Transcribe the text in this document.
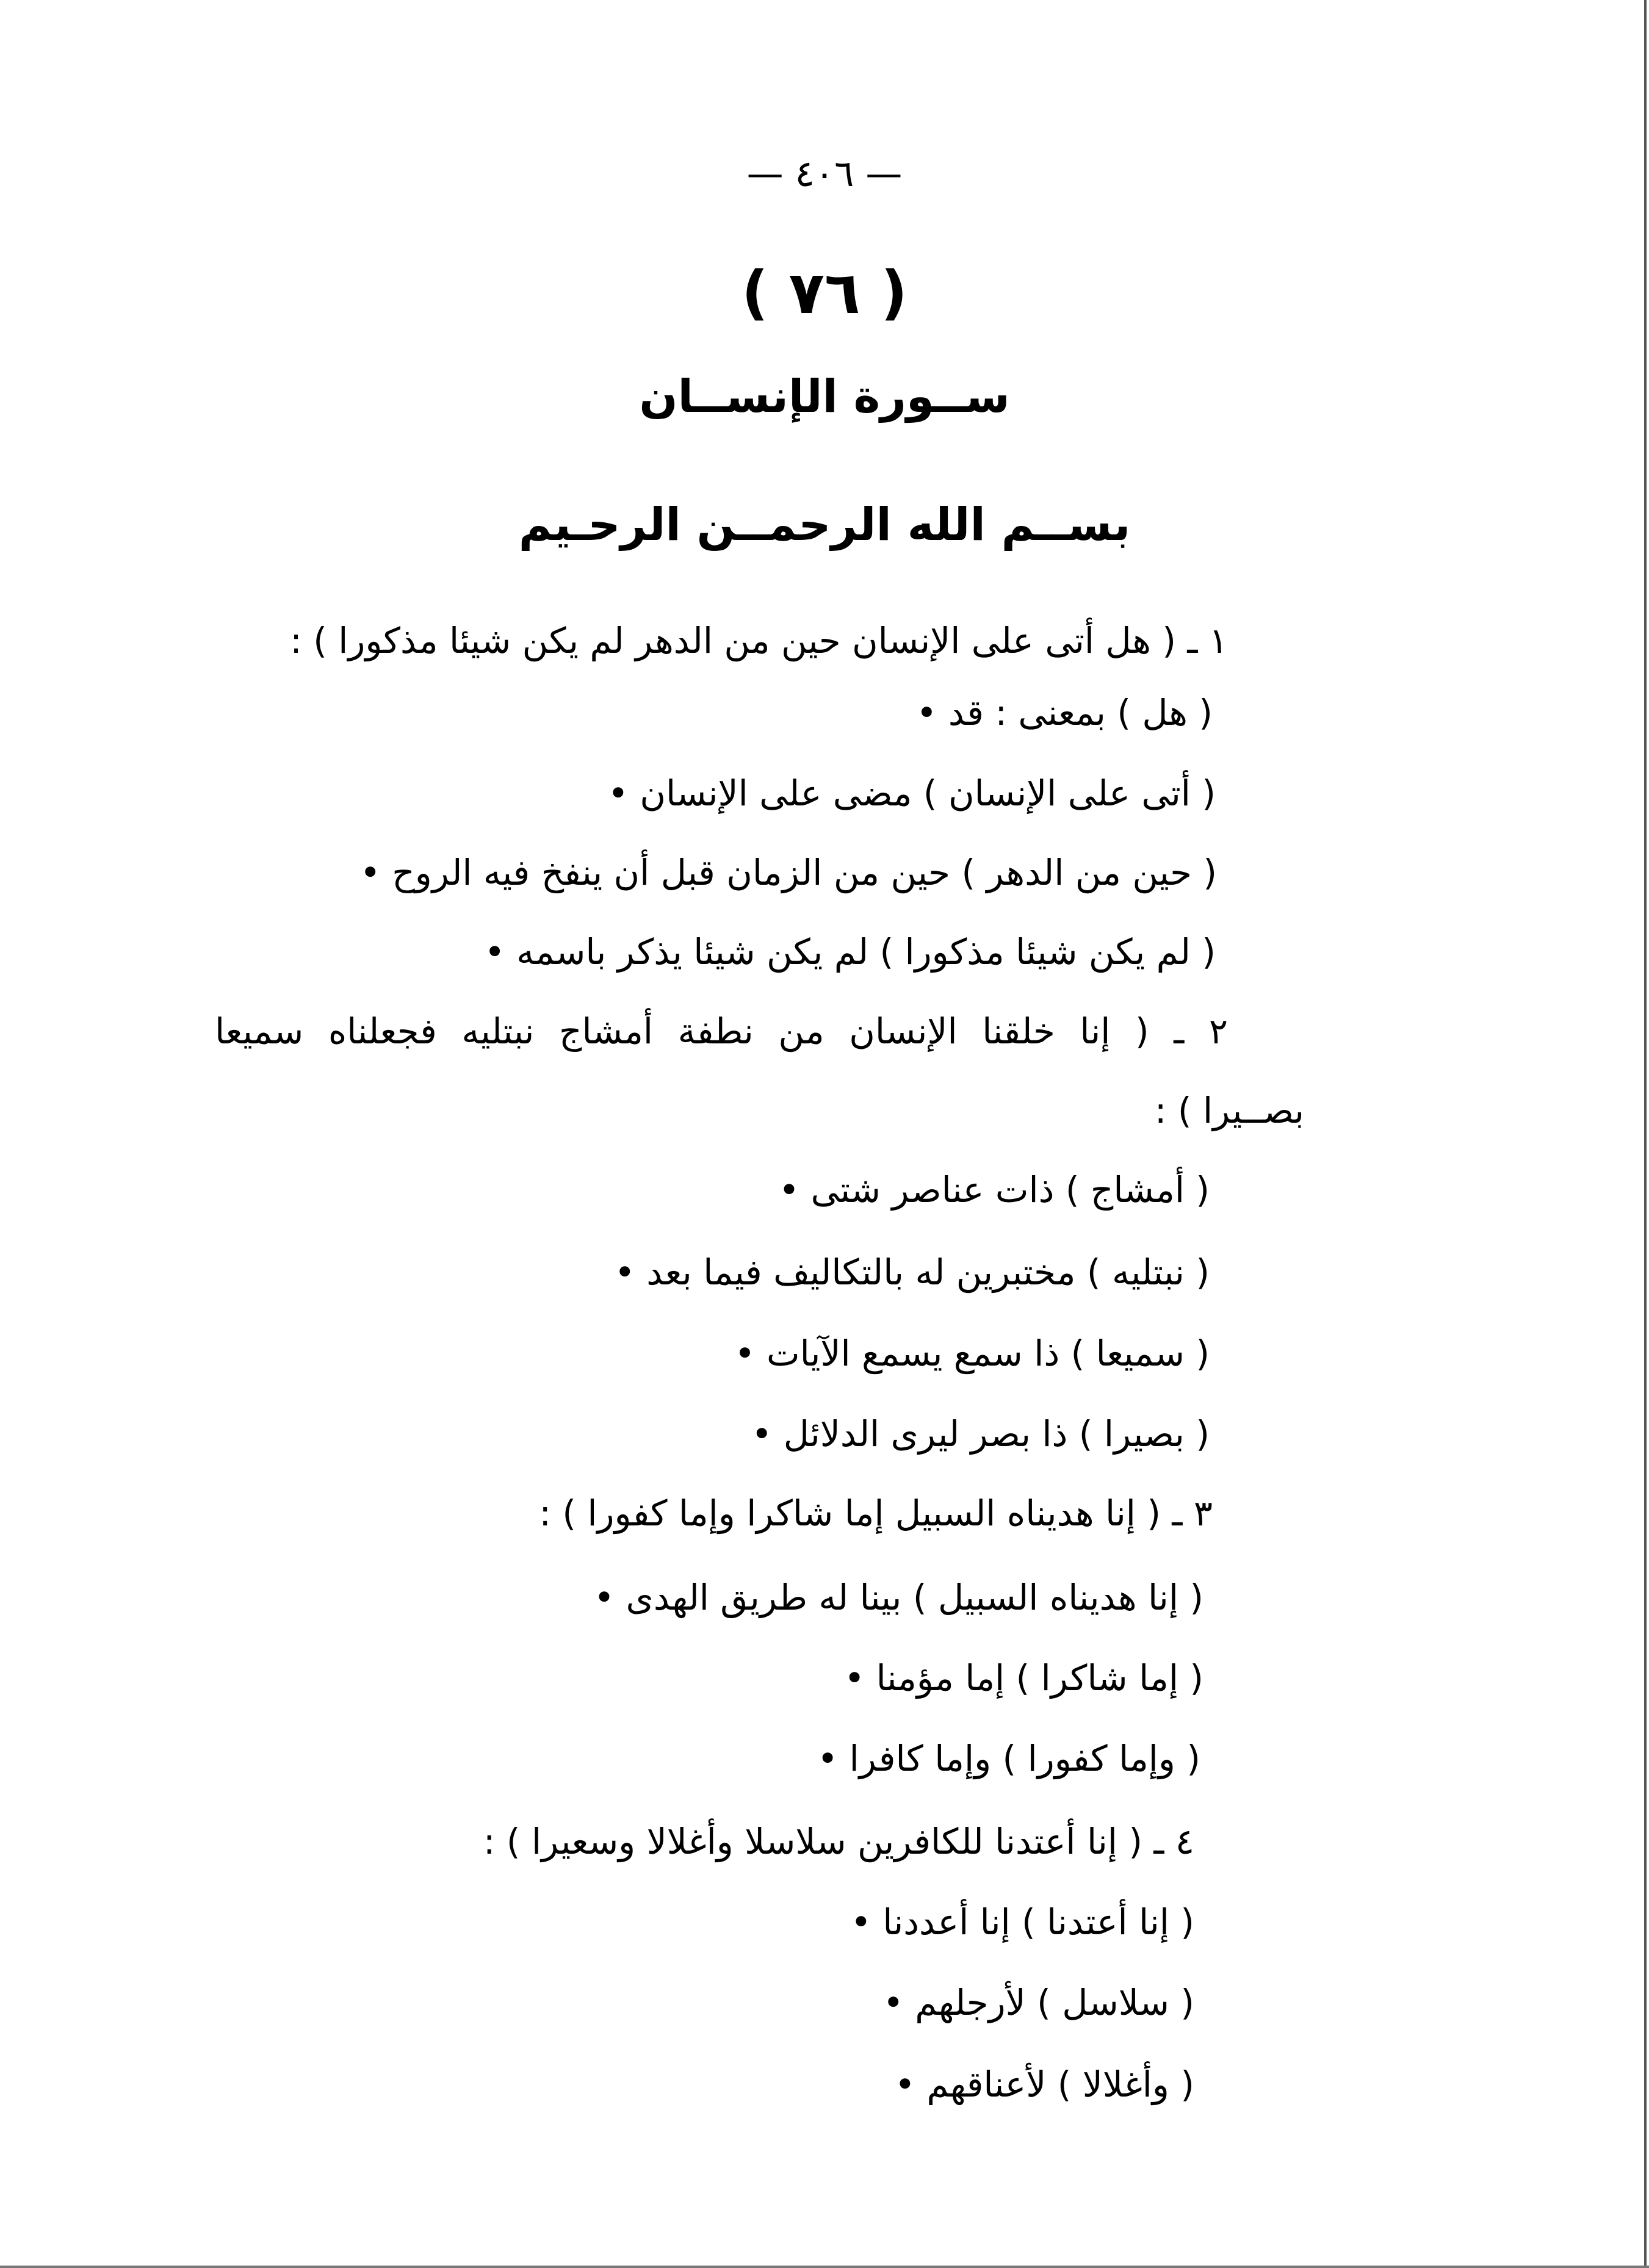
— ٤٠٦ —
( ٧٦ )
ســورة الإنســان
بســم الله الرحمــن الرحـيم
١ ـ ( هل أتى على الإنسان حين من الدهر لم يكن شيئا مذكورا ) :
( هل ) بمعنى : قد •
( أتى على الإنسان ) مضى على الإنسان •
( حين من الدهر ) حين من الزمان قبل أن ينفخ فيه الروح •
( لم يكن شيئا مذكورا ) لم يكن شيئا يذكر باسمه •
٢ ـ ( إنا خلقنا الإنسان من نطفة أمشاج نبتليه فجعلناه سميعا
بصــيرا ) :
( أمشاج ) ذات عناصر شتى •
( نبتليه ) مختبرين له بالتكاليف فيما بعد •
( سميعا ) ذا سمع يسمع الآيات •
( بصيرا ) ذا بصر ليرى الدلائل •
٣ ـ ( إنا هديناه السبيل إما شاكرا وإما كفورا ) :
( إنا هديناه السبيل ) بينا له طريق الهدى •
( إما شاكرا ) إما مؤمنا •
( وإما كفورا ) وإما كافرا •
٤ ـ ( إنا أعتدنا للكافرين سلاسلا وأغلالا وسعيرا ) :
( إنا أعتدنا ) إنا أعددنا •
( سلاسل ) لأرجلهم •
( وأغلالا ) لأعناقهم •
